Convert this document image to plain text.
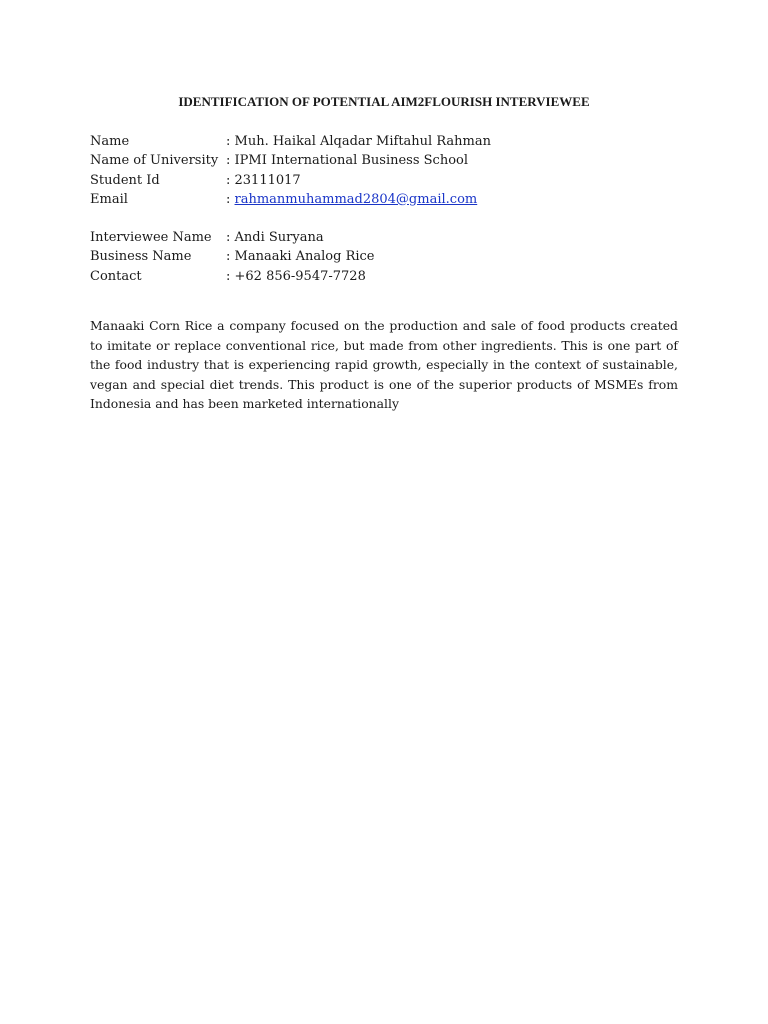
IDENTIFICATION OF POTENTIAL AIM2FLOURISH INTERVIEWEE
Name	: Muh. Haikal Alqadar Miftahul Rahman
Name of University : IPMI International Business School
Student Id	: 23111017
Email	: rahmanmuhammad2804@gmail.com
Interviewee Name	: Andi Suryana
Business Name	: Manaaki Analog Rice
Contact	: +62 856-9547-7728

Manaaki Corn Rice a company focused on the production and sale of food products created to imitate or replace conventional rice, but made from other ingredients. This is one part of the food industry that is experiencing rapid growth, especially in the context of sustainable, vegan and special diet trends. This product is one of the superior products of MSMEs from Indonesia and has been marketed internationally
